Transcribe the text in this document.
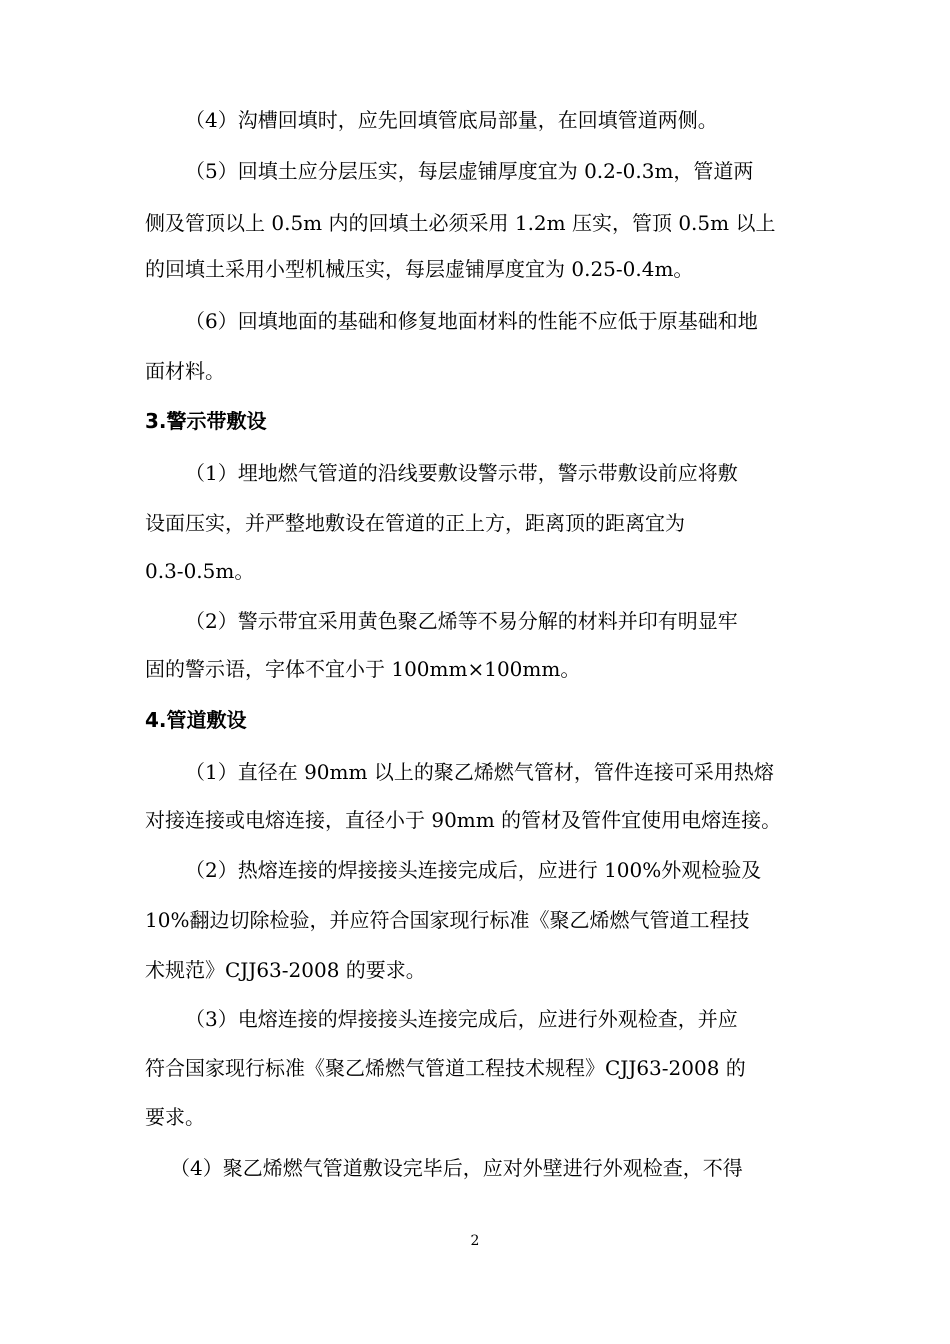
（4）沟槽回填时，应先回填管底局部量，在回填管道两侧。
（5）回填土应分层压实，每层虚铺厚度宜为 0.2-0.3m，管道两
侧及管顶以上 0.5m 内的回填土必须采用 1.2m 压实，管顶 0.5m 以上
的回填土采用小型机械压实，每层虚铺厚度宜为 0.25-0.4m。
（6）回填地面的基础和修复地面材料的性能不应低于原基础和地
面材料。
3.警示带敷设
（1）埋地燃气管道的沿线要敷设警示带，警示带敷设前应将敷
设面压实，并严整地敷设在管道的正上方，距离顶的距离宜为
0.3-0.5m。
（2）警示带宜采用黄色聚乙烯等不易分解的材料并印有明显牢
固的警示语，字体不宜小于 100mm×100mm。
4.管道敷设
（1）直径在 90mm 以上的聚乙烯燃气管材，管件连接可采用热熔
对接连接或电熔连接，直径小于 90mm 的管材及管件宜使用电熔连接。
（2）热熔连接的焊接接头连接完成后，应进行 100%外观检验及
10%翻边切除检验，并应符合国家现行标准《聚乙烯燃气管道工程技
术规范》CJJ63-2008 的要求。
（3）电熔连接的焊接接头连接完成后，应进行外观检查，并应
符合国家现行标准《聚乙烯燃气管道工程技术规程》CJJ63-2008 的
要求。
（4）聚乙烯燃气管道敷设完毕后，应对外壁进行外观检查，不得
2
